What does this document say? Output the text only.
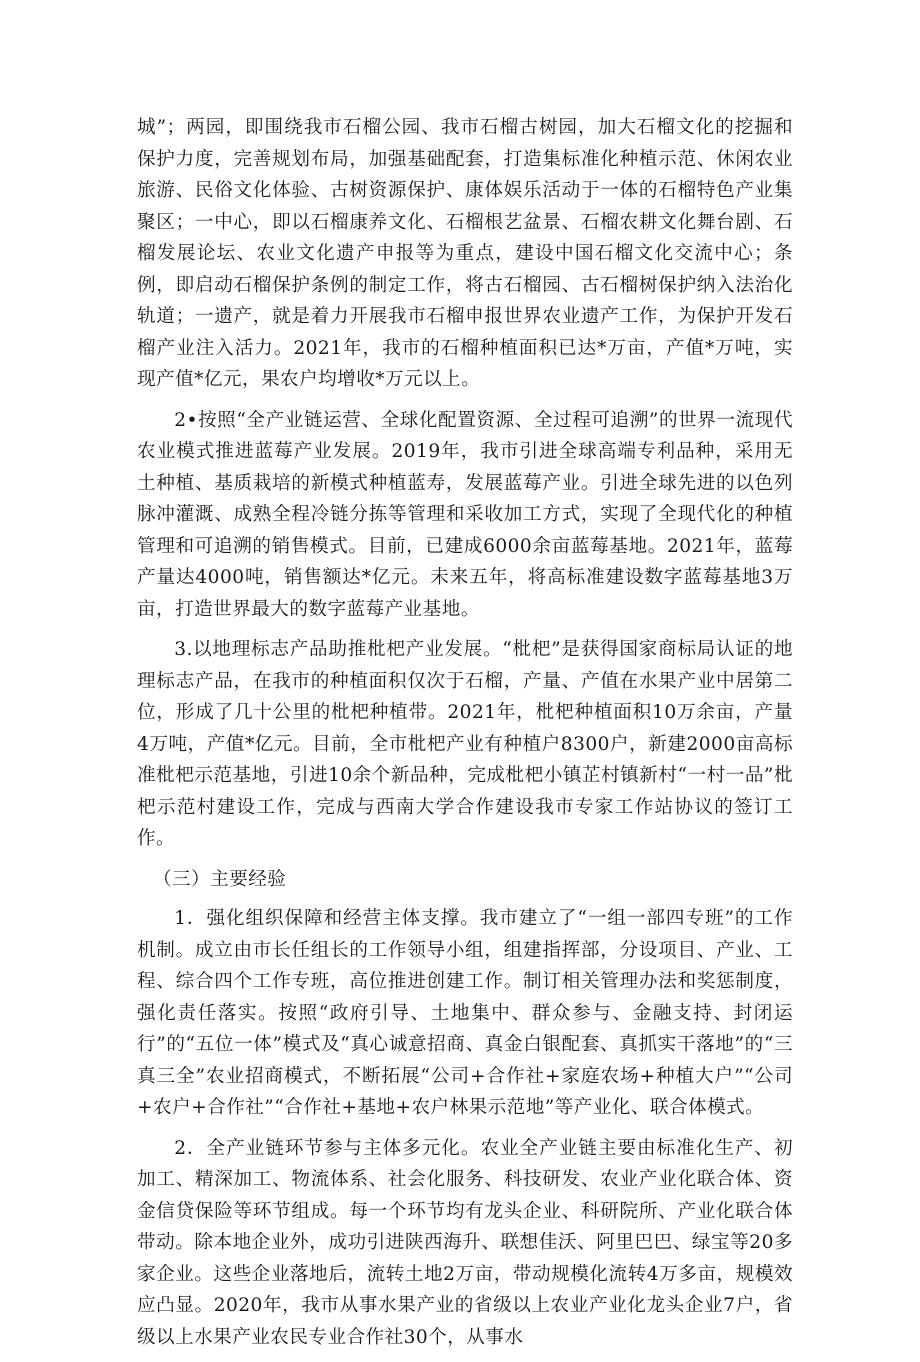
城”；两园，即围绕我市石榴公园、我市石榴古树园，加大石榴文化的挖掘和保护力度，完善规划布局，加强基础配套，打造集标准化种植示范、休闲农业旅游、民俗文化体验、古树资源保护、康体娱乐活动于一体的石榴特色产业集聚区；一中心，即以石榴康养文化、石榴根艺盆景、石榴农耕文化舞台剧、石榴发展论坛、农业文化遗产申报等为重点，建设中国石榴文化交流中心；条例，即启动石榴保护条例的制定工作，将古石榴园、古石榴树保护纳入法治化轨道；一遗产，就是着力开展我市石榴申报世界农业遗产工作，为保护开发石榴产业注入活力。2021年，我市的石榴种植面积已达*万亩，产值*万吨，实现产值*亿元，果农户均增收*万元以上。

2•按照“全产业链运营、全球化配置资源、全过程可追溯”的世界一流现代农业模式推进蓝莓产业发展。2019年，我市引进全球高端专利品种，采用无土种植、基质栽培的新模式种植蓝寿，发展蓝莓产业。引进全球先进的以色列脉冲灌溉、成熟全程冷链分拣等管理和采收加工方式，实现了全现代化的种植管理和可追溯的销售模式。目前，已建成6000余亩蓝莓基地。2021年，蓝莓产量达4000吨，销售额达*亿元。未来五年，将高标准建设数字蓝莓基地3万亩，打造世界最大的数字蓝莓产业基地。

3.以地理标志产品助推枇杷产业发展。“枇杷”是获得国家商标局认证的地理标志产品，在我市的种植面积仅次于石榴，产量、产值在水果产业中居第二位，形成了几十公里的枇杷种植带。2021年，枇杷种植面积10万余亩，产量4万吨，产值*亿元。目前，全市枇杷产业有种植户8300户，新建2000亩高标准枇杷示范基地，引进10余个新品种，完成枇杷小镇芷村镇新村“一村一品”枇杷示范村建设工作，完成与西南大学合作建设我市专家工作站协议的签订工作。

（三）主要经验

1．强化组织保障和经营主体支撑。我市建立了“一组一部四专班”的工作机制。成立由市长任组长的工作领导小组，组建指挥部，分设项目、产业、工程、综合四个工作专班，高位推进创建工作。制订相关管理办法和奖惩制度，强化责任落实。按照“政府引导、土地集中、群众参与、金融支持、封闭运行”的“五位一体”模式及“真心诚意招商、真金白银配套、真抓实干落地”的“三真三全”农业招商模式，不断拓展“公司+合作社+家庭农场+种植大户”“公司+农户+合作社”“合作社+基地+农户林果示范地”等产业化、联合体模式。

2．全产业链环节参与主体多元化。农业全产业链主要由标准化生产、初加工、精深加工、物流体系、社会化服务、科技研发、农业产业化联合体、资金信贷保险等环节组成。每一个环节均有龙头企业、科研院所、产业化联合体带动。除本地企业外，成功引进陕西海升、联想佳沃、阿里巴巴、绿宝等20多家企业。这些企业落地后，流转土地2万亩，带动规模化流转4万多亩，规模效应凸显。2020年，我市从事水果产业的省级以上农业产业化龙头企业7户，省级以上水果产业农民专业合作社30个，从事水
